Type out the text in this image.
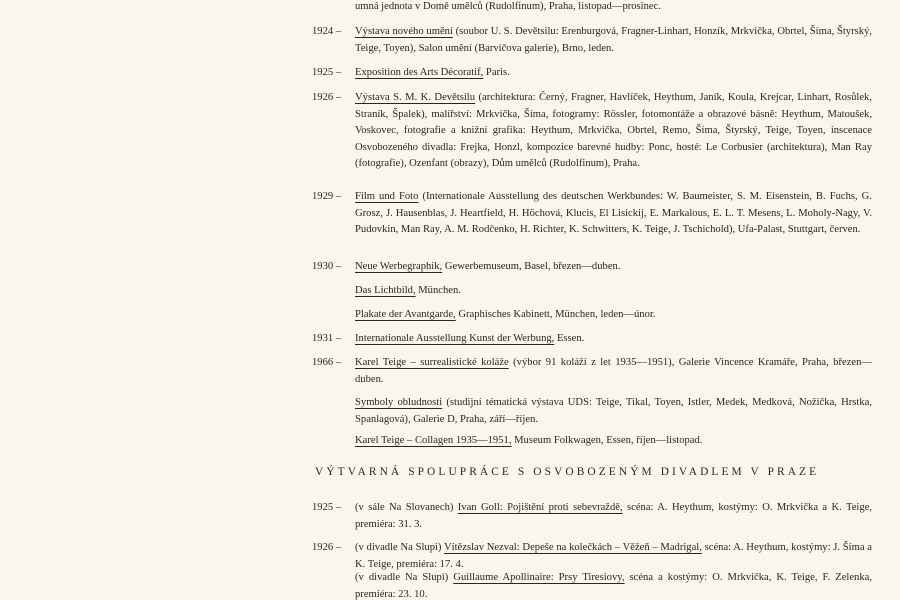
umná jednota v Domě umělců (Rudolfinum), Praha, listopad—prosinec.
1924 –	Výstava nového umění (soubor U. S. Devětsilu: Erenburgová, Fragner-Linhart, Honzík, Mrkvička, Obrtel, Šíma, Štyrský, Teige, Toyen), Salon umění (Barvičova galerie), Brno, leden.
1925 –	Exposition des Arts Décoratif, Paris.
1926 –	Výstava S. M. K. Devětsilu (architektura: Černý, Fragner, Havlíček, Heythum, Janík, Koula, Krejcar, Linhart, Rosůlek, Straník, Špalek), malířství: Mrkvička, Šíma, fotogramy: Rössler, fotomontáže a obrazové básně: Heythum, Matoušek, Voskovec, fotografie a knižní grafika: Heythum, Mrkvička, Obrtel, Remo, Šíma, Štyrský, Teige, Toyen, inscenace Osvobozeného divadla: Frejka, Honzl, kompozice barevné hudby: Ponc, hosté: Le Corbusier (architektura), Man Ray (fotografie), Ozenfant (obrazy), Dům umělců (Rudolfinum), Praha.
1929 –	Film und Foto (Internationale Ausstellung des deutschen Werkbundes: W. Baumeister, S. M. Eisenstein, B. Fuchs, G. Grosz, J. Hausenblas, J. Heartfield, H. Höchová, Klucis, El Lisickij, E. Markalous, E. L. T. Mesens, L. Moholy-Nagy, V. Pudovkin, Man Ray, A. M. Rodčenko, H. Richter, K. Schwitters, K. Teige, J. Tschichold), Ufa-Palast, Stuttgart, červen.
1930 –	Neue Werbegraphik, Gewerbemuseum, Basel, březen—duben.
Das Lichtbild, München.
Plakate der Avantgarde, Graphisches Kabinett, München, leden—únor.
1931 –	Internationale Ausstellung Kunst der Werbung, Essen.
1966 –	Karel Teige – surrealistické koláže (výbor 91 koláží z let 1935—1951), Galerie Vincence Kramáře, Praha, březen—duben.
Symboly obludnosti (studijní tématická výstava UDS: Teige, Tikal, Toyen, Istler, Medek, Medková, Nožička, Hrstka, Spanlagová), Galerie D, Praha, září—říjen.
Karel Teige – Collagen 1935—1951, Museum Folkwagen, Essen, říjen—listopad.
VÝTVARNÁ SPOLUPRÁCE S OSVOBOZENÝM DIVADLEM V PRAZE
1925 –	(v sále Na Slovanech) Ivan Goll: Pojištění proti sebevraždě, scéna: A. Heythum, kostýmy: O. Mrkvička a K. Teige, premiéra: 31. 3.
1926 –	(v divadle Na Slupi) Vítězslav Nezval: Depeše na kolečkách – Věžeň – Madrigal, scéna: A. Heythum, kostýmy: J. Šíma a K. Teige, premiéra: 17. 4.
(v divadle Na Slupi) Guillaume Apollinaire: Prsy Tiresiovy, scéna a kostýmy: O. Mrkvička, K. Teige, F. Zelenka, premiéra: 23. 10.
